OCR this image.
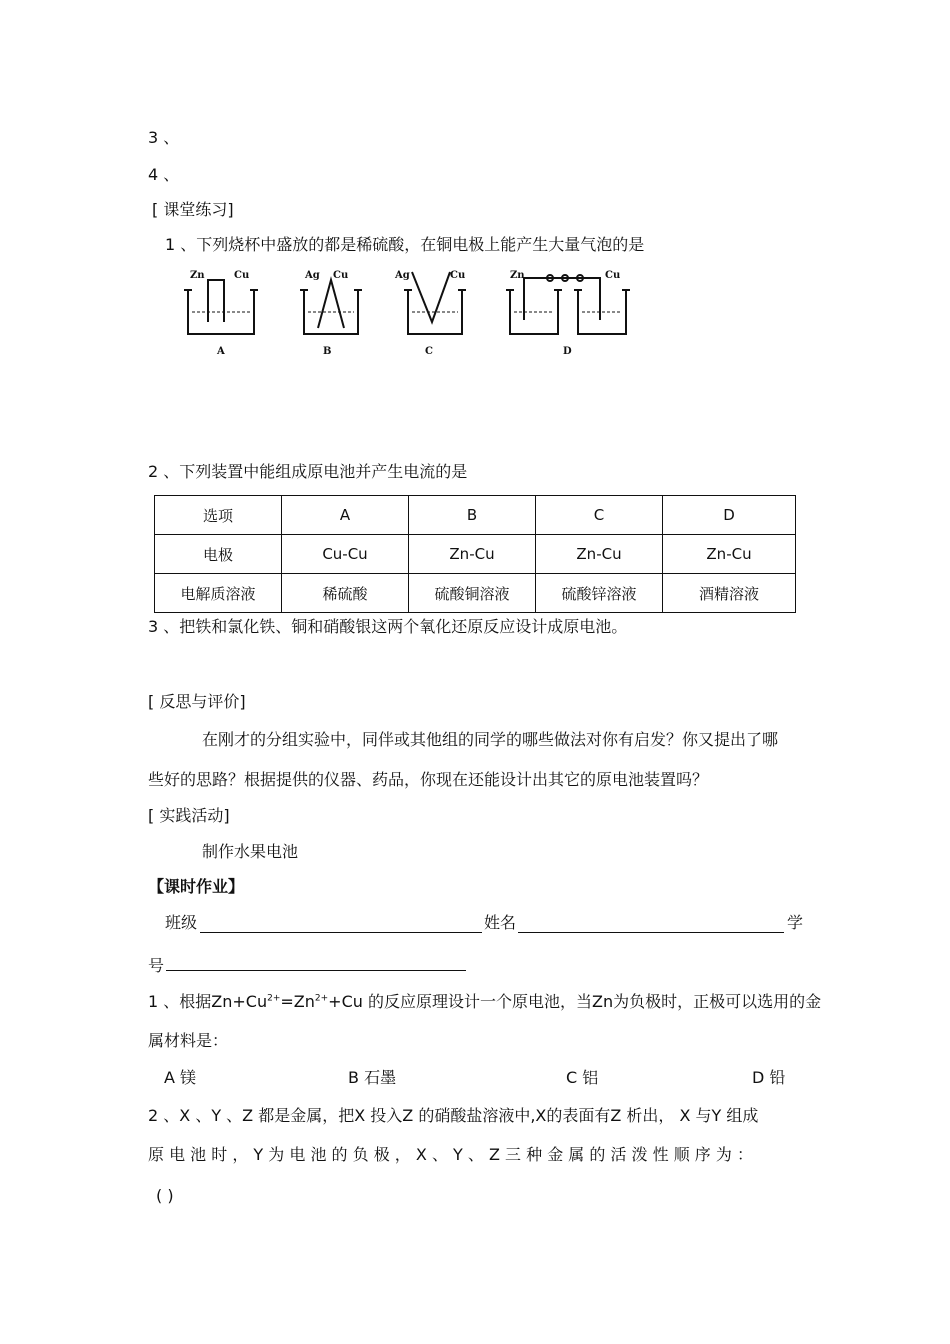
3 、
4 、
[ 课堂练习]
1 、下列烧杯中盛放的都是稀硫酸，在铜电极上能产生大量气泡的是
Zn	Cu
A
Ag Cu
B
Ag	Cu
C
Zn	Cu
D
2 、下列装置中能组成原电池并产生电流的是
选项	A	B	C	D
电极	Cu-Cu	Zn-Cu	Zn-Cu	Zn-Cu
电解质溶液	稀硫酸	硫酸铜溶液	硫酸锌溶液	酒精溶液
3 、把铁和氯化铁、铜和硝酸银这两个氧化还原反应设计成原电池。
[ 反思与评价]
在刚才的分组实验中，同伴或其他组的同学的哪些做法对你有启发？你又提出了哪
些好的思路？根据提供的仪器、药品，你现在还能设计出其它的原电池装置吗？
[ 实践活动]
制作水果电池
【课时作业】
班级	姓名	学
号
1 、根据$Zn+Cu^{2+}=Zn^{2+}+Cu$ 的反应原理设计一个原电池，当Zn为负极时，正极可以选用的金
属材料是：
A 镁	B 石墨	C 铝	D 铅
2 、X 、Y 、Z 都是金属，把X 投入Z 的硝酸盐溶液中,X的表面有Z 析出， X 与Y 组成
原 电 池 时 ， Y 为 电 池 的 负 极 ， X 、 Y 、 Z 三 种 金 属 的 活 泼 性 顺 序 为 ：
( )
